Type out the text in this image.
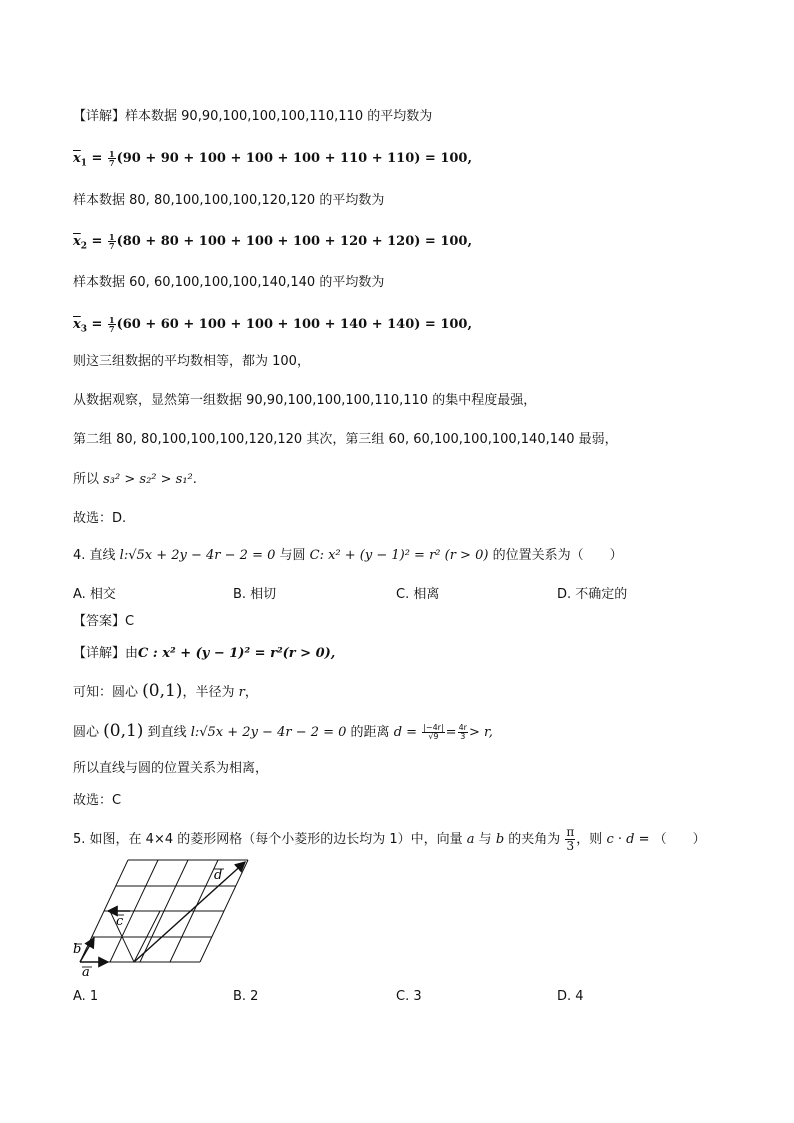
【详解】样本数据 90,90,100,100,100,110,110 的平均数为
$\overline{x}_1 = \frac{1}{7} (90 + 90 + 100 + 100 + 100 + 110 + 110) = 100$,
样本数据 80, 80,100,100,100,120,120 的平均数为
$\overline{x}_2 = \frac{1}{7} (80 + 80 + 100 + 100 + 100 + 120 + 120) = 100$,
样本数据 60, 60,100,100,100,140,140 的平均数为
$\overline{x}_3 = \frac{1}{7} (60 + 60 + 100 + 100 + 100 + 140 + 140) = 100$,
则这三组数据的平均数相等，都为 100，
从数据观察，显然第一组数据 90,90,100,100,100,110,110 的集中程度最强，
第二组 80, 80,100,100,100,120,120 其次，第三组 60, 60,100,100,100,140,140 最弱，
所以 s₃² > s₂² > s₁².
故选：D.
4. 直线 l:√5x + 2y − 4r − 2 = 0 与圆 C: x² + (y − 1)² = r² (r > 0) 的位置关系为（　　）
A. 相交	B. 相切	C. 相离	D. 不确定的
【答案】C
【详解】由C : x² + (y − 1)² = r²(r > 0),
可知：圆心 (0,1)，半径为 r，
圆心 (0,1) 到直线 l:√5x + 2y − 4r − 2 = 0 的距离 $d = \frac{|-4r|}{√9} = \frac{4r}{3} > r$,
所以直线与圆的位置关系为相离，
故选：C
5. 如图，在 4×4 的菱形网格（每个小菱形的边长均为 1）中，向量 a 与 b 的夹角为 $\frac{\pi}{3}$ ，则 c · d = （　　）
a
b
c
d
A. 1	B. 2	C. 3	D. 4
